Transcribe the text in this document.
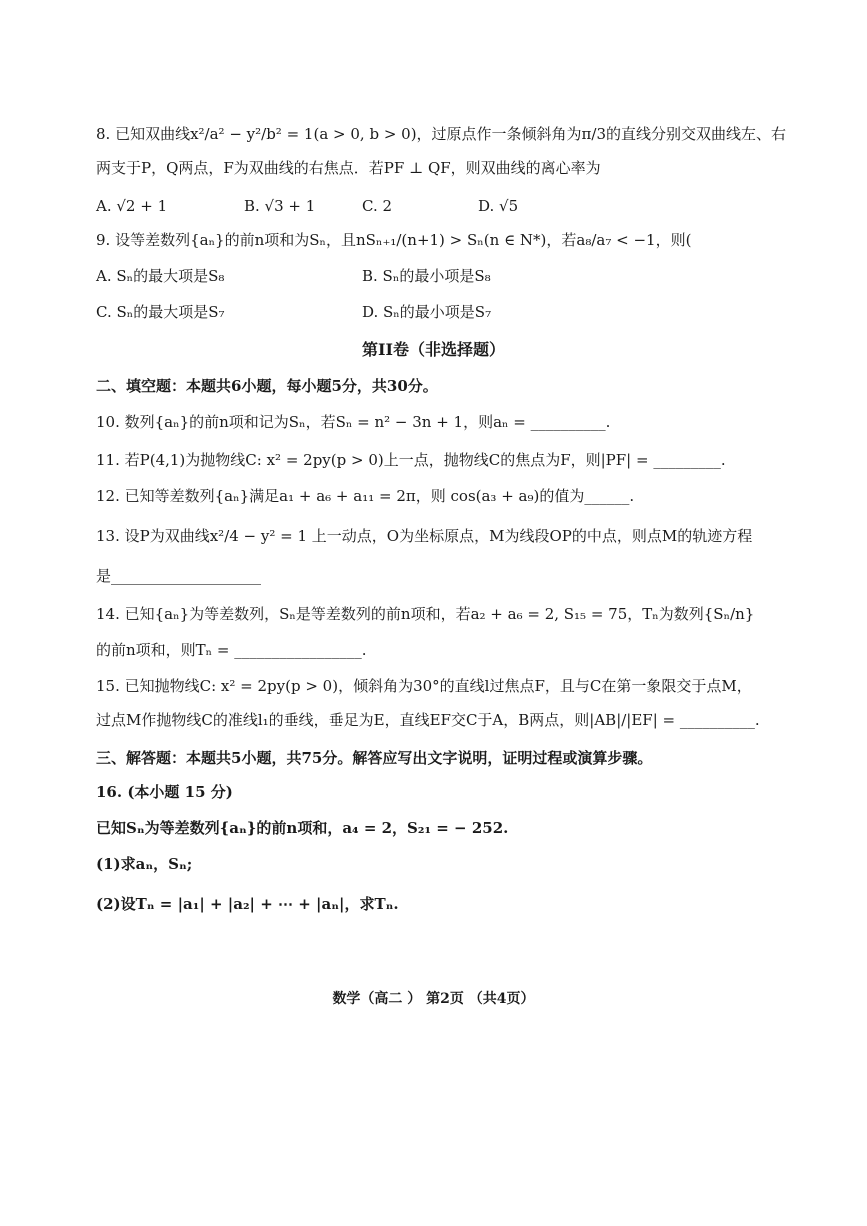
8. 已知双曲线x²/a² − y²/b² = 1(a > 0, b > 0)，过原点作一条倾斜角为π/3的直线分别交双曲线左、右
两支于P，Q两点，F为双曲线的右焦点．若PF ⊥ QF，则双曲线的离心率为
A. √2 + 1	B. √3 + 1	C. 2	D. √5
9. 设等差数列{aₙ}的前n项和为Sₙ，且nSₙ₊₁/(n+1) > Sₙ(n ∈ N*)，若a₈/a₇ < −1，则(
A. Sₙ的最大项是S₈	B. Sₙ的最小项是S₈
C. Sₙ的最大项是S₇	D. Sₙ的最小项是S₇
第II卷（非选择题）
二、填空题：本题共6小题，每小题5分，共30分。
10. 数列{aₙ}的前n项和记为Sₙ，若Sₙ = n² − 3n + 1，则aₙ = __________.
11. 若P(4,1)为抛物线C: x² = 2py(p > 0)上一点，抛物线C的焦点为F，则|PF| = _________.
12. 已知等差数列{aₙ}满足a₁ + a₆ + a₁₁ = 2π，则 cos(a₃ + a₉)的值为______.
13. 设P为双曲线x²/4 − y² = 1 上一动点，O为坐标原点，M为线段OP的中点，则点M的轨迹方程
是____________________
14. 已知{aₙ}为等差数列，Sₙ是等差数列的前n项和，若a₂ + a₆ = 2, S₁₅ = 75，Tₙ为数列{Sₙ/n}
的前n项和，则Tₙ = _________________.
15. 已知抛物线C: x² = 2py(p > 0)，倾斜角为30°的直线l过焦点F，且与C在第一象限交于点M，
过点M作抛物线C的准线l₁的垂线，垂足为E，直线EF交C于A，B两点，则|AB|/|EF| = __________.
三、解答题：本题共5小题，共75分。解答应写出文字说明，证明过程或演算步骤。
16. (本小题 15 分)
已知Sₙ为等差数列{aₙ}的前n项和，a₄ = 2，S₂₁ = − 252.
(1)求aₙ，Sₙ;
(2)设Tₙ = |a₁| + |a₂| + ⋯ + |aₙ|，求Tₙ.
数学（高二 ） 第2页 （共4页）
